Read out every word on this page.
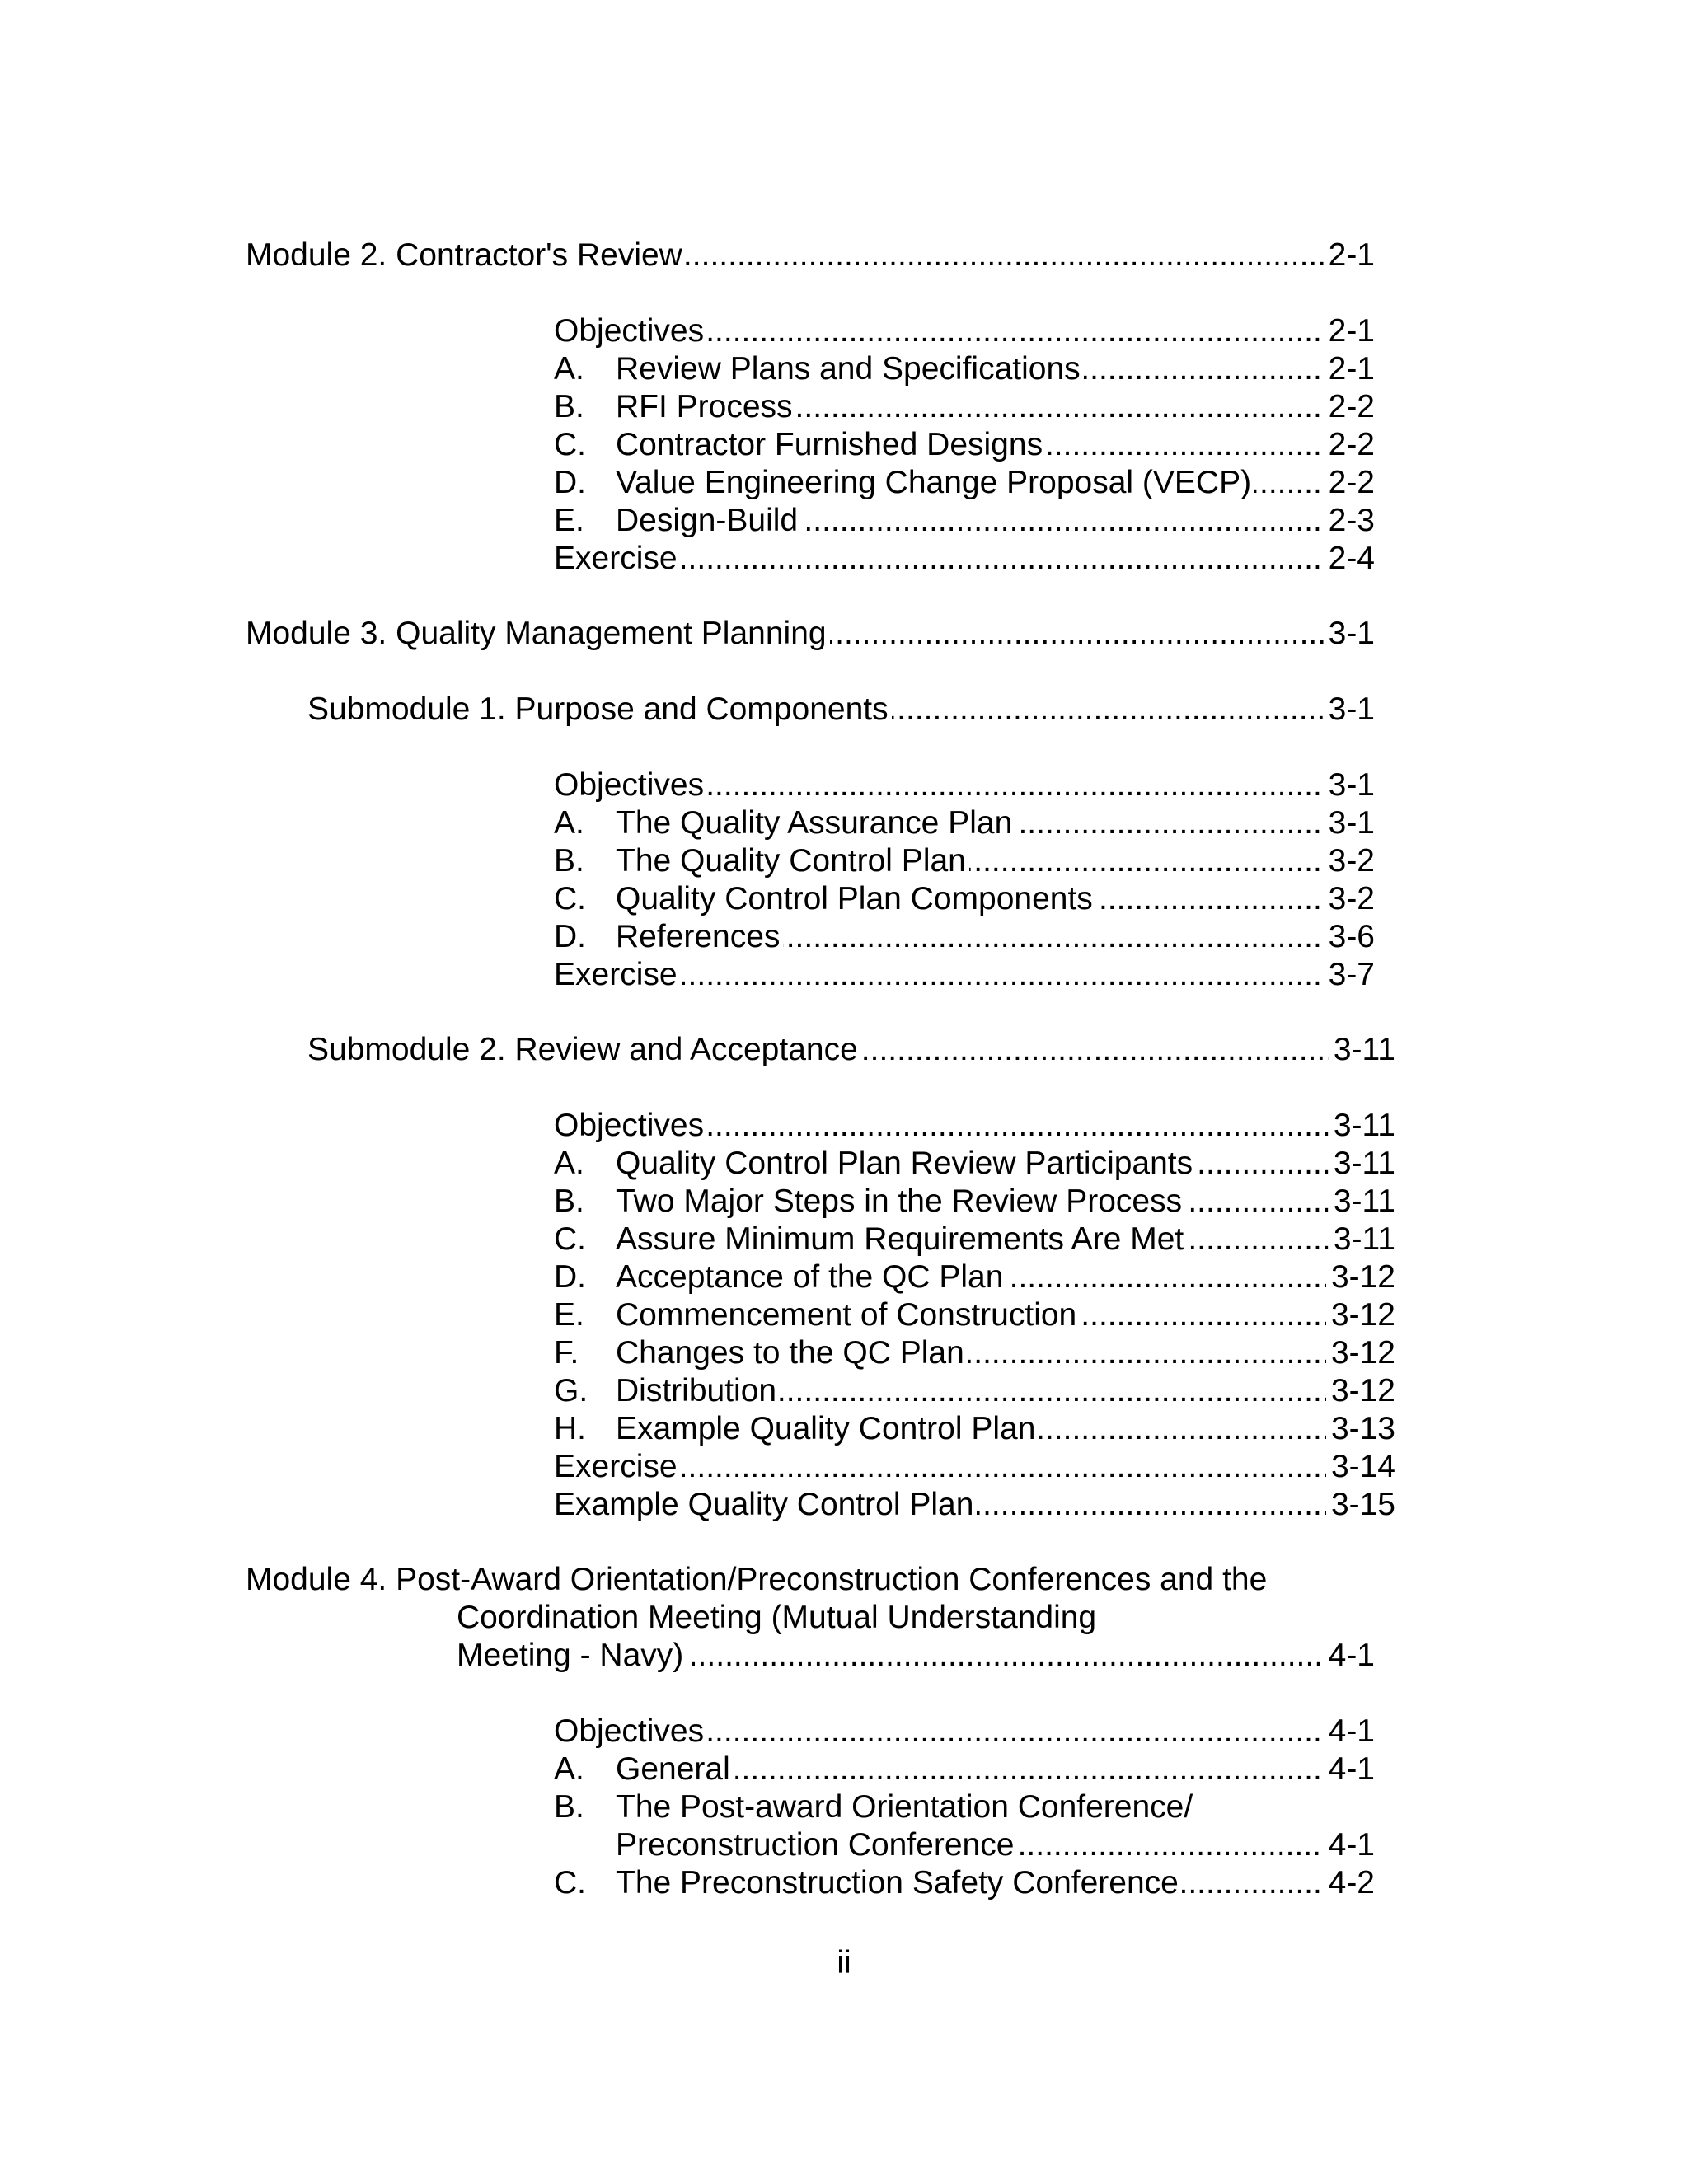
Module 2. Contractor's Review .....	2-1
Objectives .....	2-1
A. Review Plans and Specifications .....	2-1
B. RFI Process .....	2-2
C. Contractor Furnished Designs .....	2-2
D. Value Engineering Change Proposal (VECP) ..... 2-2
E. Design-Build .....	2-3
Exercise .....	2-4
Module 3. Quality Management Planning .....	3-1
Submodule 1. Purpose and Components .....	3-1
Objectives .....	3-1
A. The Quality Assurance Plan .....	3-1
B. The Quality Control Plan .....	3-2
C. Quality Control Plan Components .....	3-2
D. References .....	3-6
Exercise .....	3-7
Submodule 2. Review and Acceptance .....	3-11
Objectives .....	3-11
A. Quality Control Plan Review Participants .....	3-11
B. Two Major Steps in the Review Process .....	3-11
C. Assure Minimum Requirements Are Met .....	3-11
D. Acceptance of the QC Plan .....	3-12
E. Commencement of Construction .....	3-12
F. Changes to the QC Plan .....	3-12
G. Distribution .....	3-12
H. Example Quality Control Plan .....	3-13
Exercise .....	3-14
Example Quality Control Plan .....	3-15
Module 4. Post-Award Orientation/Preconstruction Conferences and the
Coordination Meeting (Mutual Understanding
Meeting - Navy) .....	4-1
Objectives .....	4-1
A. General .....	4-1
B. The Post-award Orientation Conference/
Preconstruction Conference .....	4-1
C. The Preconstruction Safety Conference .....	4-2
ii
